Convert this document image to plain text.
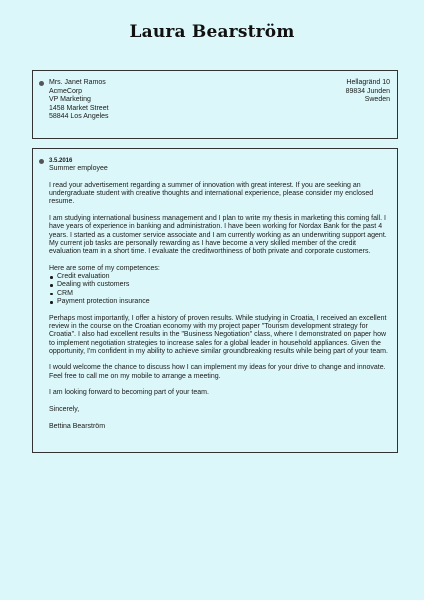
Laura Bearström
Mrs. Janet Ramos
AcmeCorp
VP Marketing
1458 Market Street
58844 Los Angeles
Hellagränd 10
89834 Junden
Sweden
3.5.2016
Summer employee

I read your advertisement regarding a summer of innovation with great interest. If you are seeking an undergraduate student with creative thoughts and international experience, please consider my enclosed resume.

I am studying international business management and I plan to write my thesis in marketing this coming fall. I have years of experience in banking and administration. I have been working for Nordax Bank for the past 4 years. I started as a customer service associate and I am currently working as an underwriting support agent. My current job tasks are personally rewarding as I have become a very skilled member of the credit evaluation team in a short time. I evaluate the creditworthiness of both private and corporate customers.

Here are some of my competences:

Credit evaluation
Dealing with customers
CRM
Payment protection insurance

Perhaps most importantly, I offer a history of proven results. While studying in Croatia, I received an excellent review in the course on the Croatian economy with my project paper "Tourism development strategy for Croatia". I also had excellent results in the "Business Negotiation" class, where I demonstrated on paper how to implement negotiation strategies to increase sales for a global leader in household appliances. Given the opportunity, I'm confident in my ability to achieve similar groundbreaking results while being part of your team.

I would welcome the chance to discuss how I can implement my ideas for your drive to change and innovate. Feel free to call me on my mobile to arrange a meeting.

I am looking forward to becoming part of your team.

Sincerely,

Bettina Bearström
